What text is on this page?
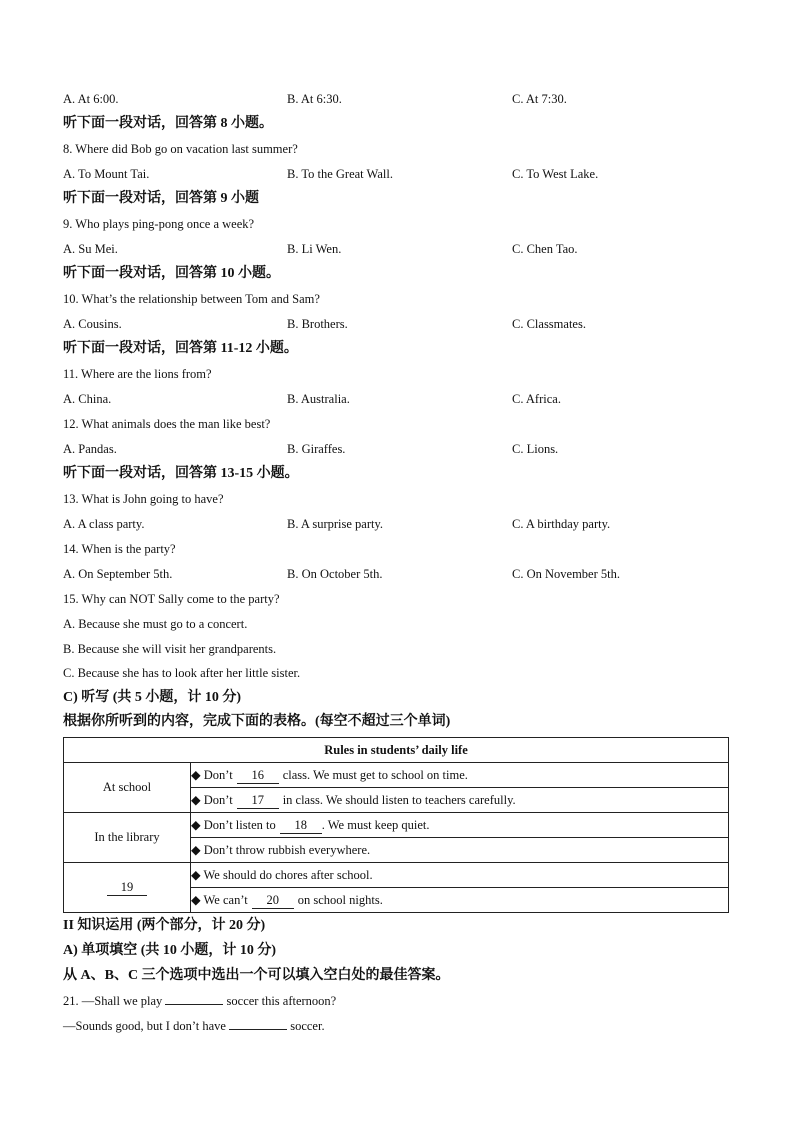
A. At 6:00.	B. At 6:30.	C. At 7:30.
听下面一段对话，回答第 8 小题。
8. Where did Bob go on vacation last summer?
A. To Mount Tai.	B. To the Great Wall.	C. To West Lake.
听下面一段对话，回答第 9 小题
9. Who plays ping-pong once a week?
A. Su Mei.	B. Li Wen.	C. Chen Tao.
听下面一段对话，回答第 10 小题。
10. What’s the relationship between Tom and Sam?
A. Cousins.	B. Brothers.	C. Classmates.
听下面一段对话，回答第 11-12 小题。
11. Where are the lions from?
A. China.	B. Australia.	C. Africa.
12. What animals does the man like best?
A. Pandas.	B. Giraffes.	C. Lions.
听下面一段对话，回答第 13-15 小题。
13. What is John going to have?
A. A class party.	B. A surprise party.	C. A birthday party.
14. When is the party?
A. On September 5th.	B. On October 5th.	C. On November 5th.
15. Why can NOT Sally come to the party?
A. Because she must go to a concert.
B. Because she will visit her grandparents.
C. Because she has to look after her little sister.
C) 听写 (共 5 小题，计 10 分)
根据你所听到的内容，完成下面的表格。(每空不超过三个单词)
Rules in students’ daily life	
At school	◆ Don’t 16 class. We must get to school on time.
	◆ Don’t 17 in class. We should listen to teachers carefully.
In the library	◆ Don’t listen to 18 . We must keep quiet.
	◆ Don’t throw rubbish everywhere.
19	◆ We should do chores after school.
	◆ We can’t 20 on school nights.
II 知识运用 (两个部分，计 20 分)
A) 单项填空 (共 10 小题，计 10 分)
从 A、B、C 三个选项中选出一个可以填入空白处的最佳答案。
21. —Shall we play	soccer this afternoon?
—Sounds good, but I don’t have	soccer.
